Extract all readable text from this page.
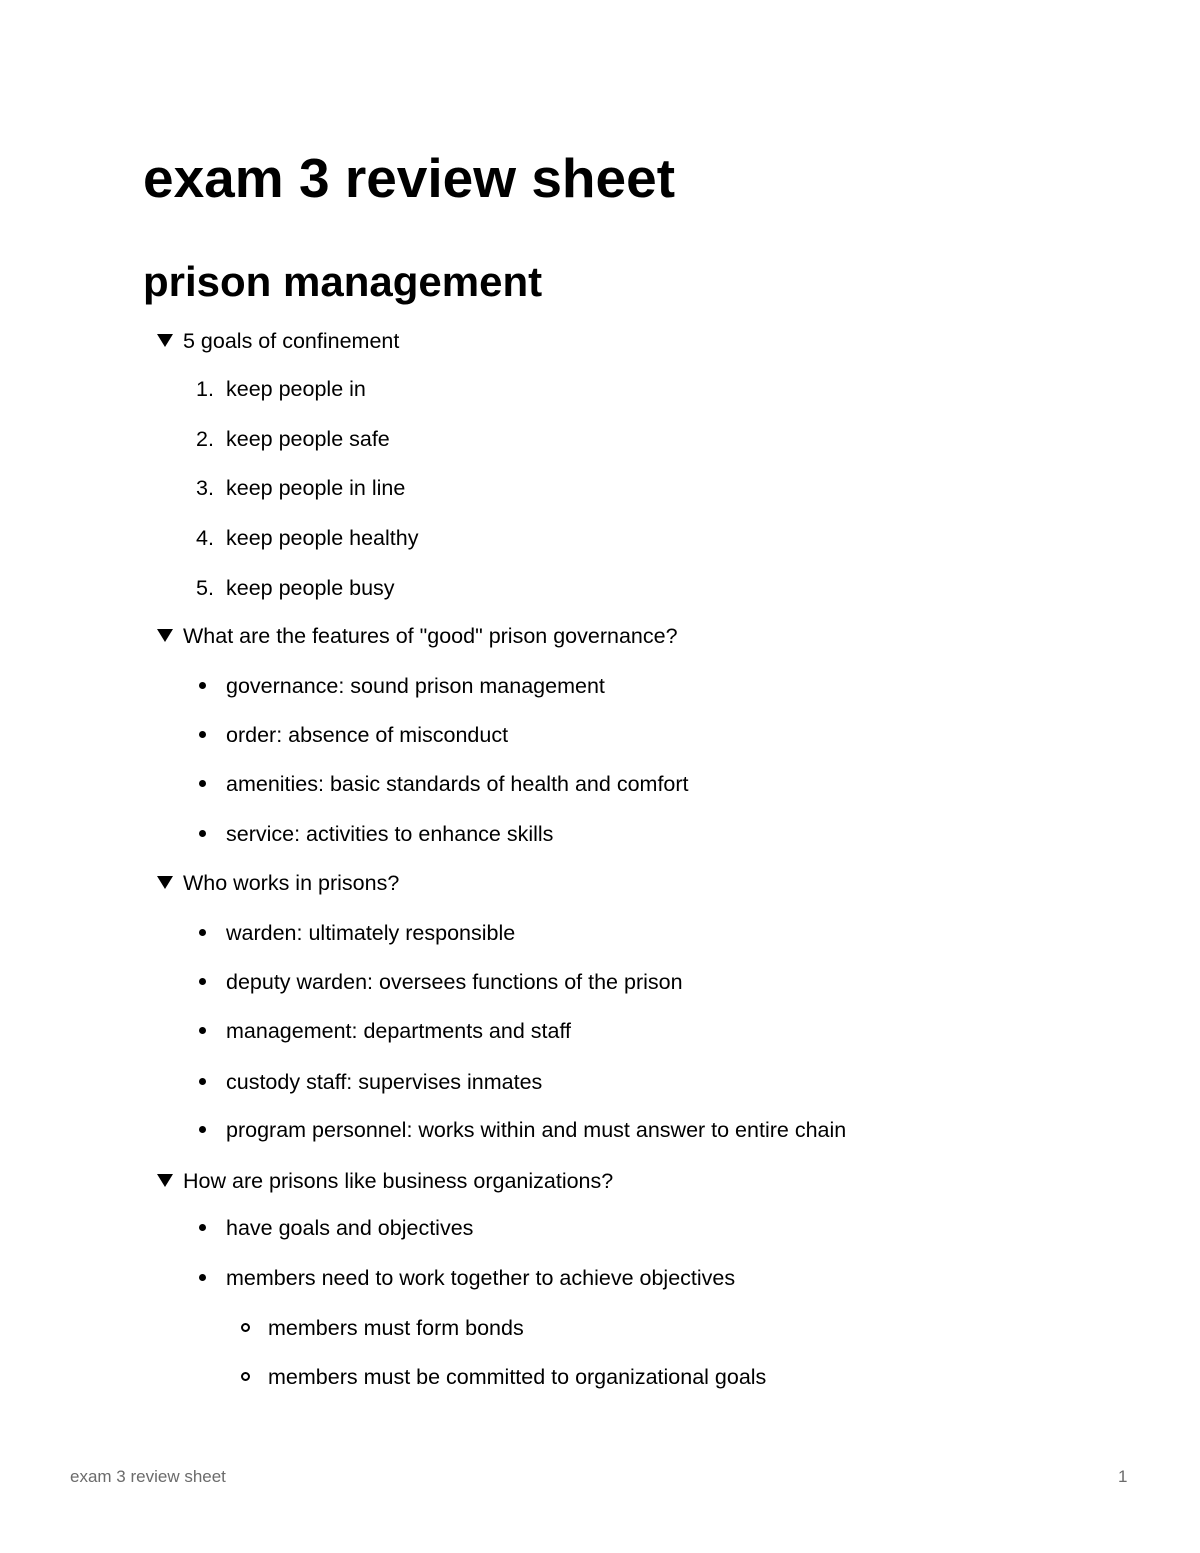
exam 3 review sheet
prison management
5 goals of confinement
1. keep people in
2. keep people safe
3. keep people in line
4. keep people healthy
5. keep people busy
What are the features of "good" prison governance?
governance: sound prison management
order: absence of misconduct
amenities: basic standards of health and comfort
service: activities to enhance skills
Who works in prisons?
warden: ultimately responsible
deputy warden: oversees functions of the prison
management: departments and staff
custody staff: supervises inmates
program personnel: works within and must answer to entire chain
How are prisons like business organizations?
have goals and objectives
members need to work together to achieve objectives
members must form bonds
members must be committed to organizational goals
exam 3 review sheet	1
